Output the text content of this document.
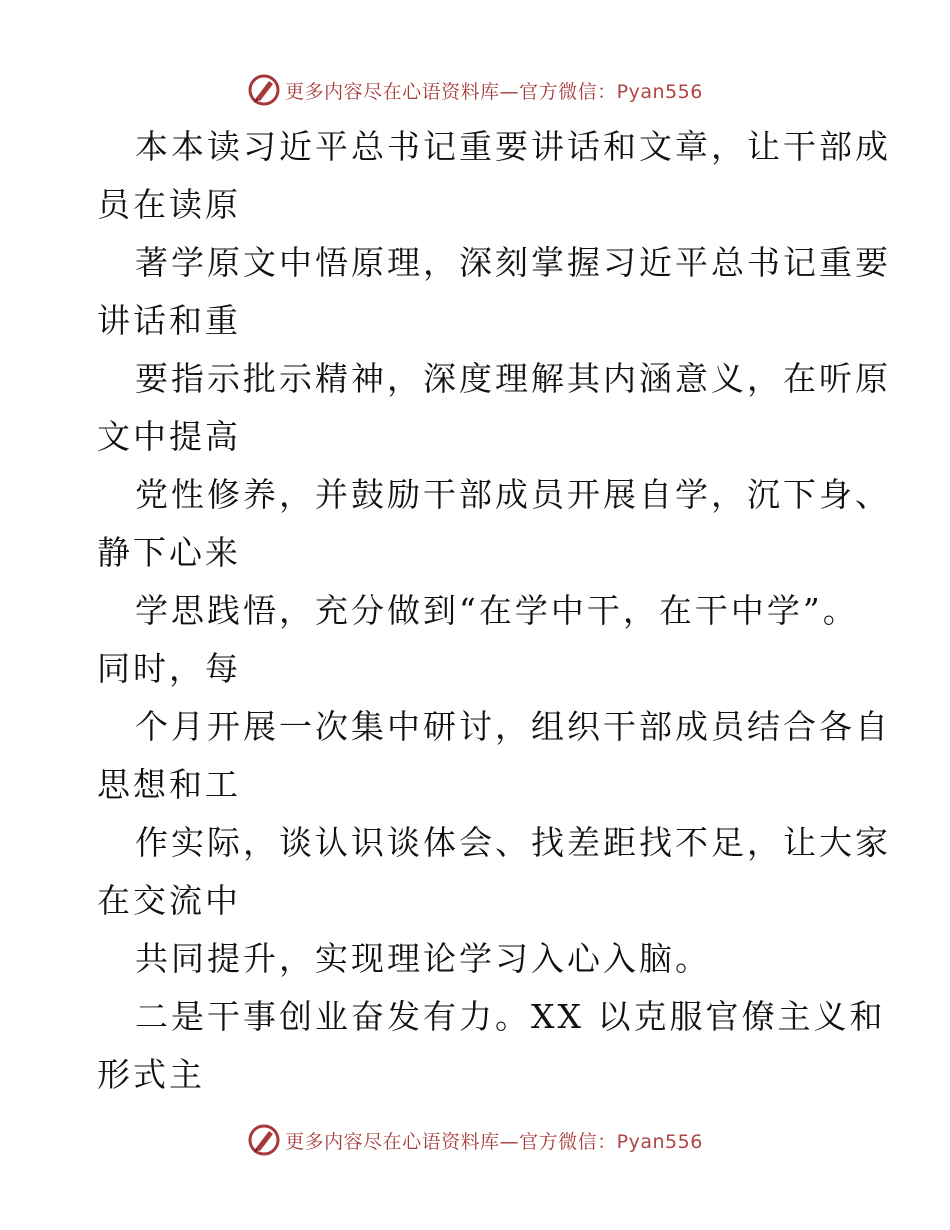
更多内容尽在心语资料库—官方微信：Pyan556
本本读习近平总书记重要讲话和文章，让干部成
员在读原
著学原文中悟原理，深刻掌握习近平总书记重要
讲话和重
要指示批示精神，深度理解其内涵意义，在听原
文中提高
党性修养，并鼓励干部成员开展自学，沉下身、
静下心来
学思践悟，充分做到“在学中干，在干中学”。
同时，每
个月开展一次集中研讨，组织干部成员结合各自
思想和工
作实际，谈认识谈体会、找差距找不足，让大家
在交流中
共同提升，实现理论学习入心入脑。
二是干事创业奋发有力。XX 以克服官僚主义和
形式主
更多内容尽在心语资料库—官方微信：Pyan556
